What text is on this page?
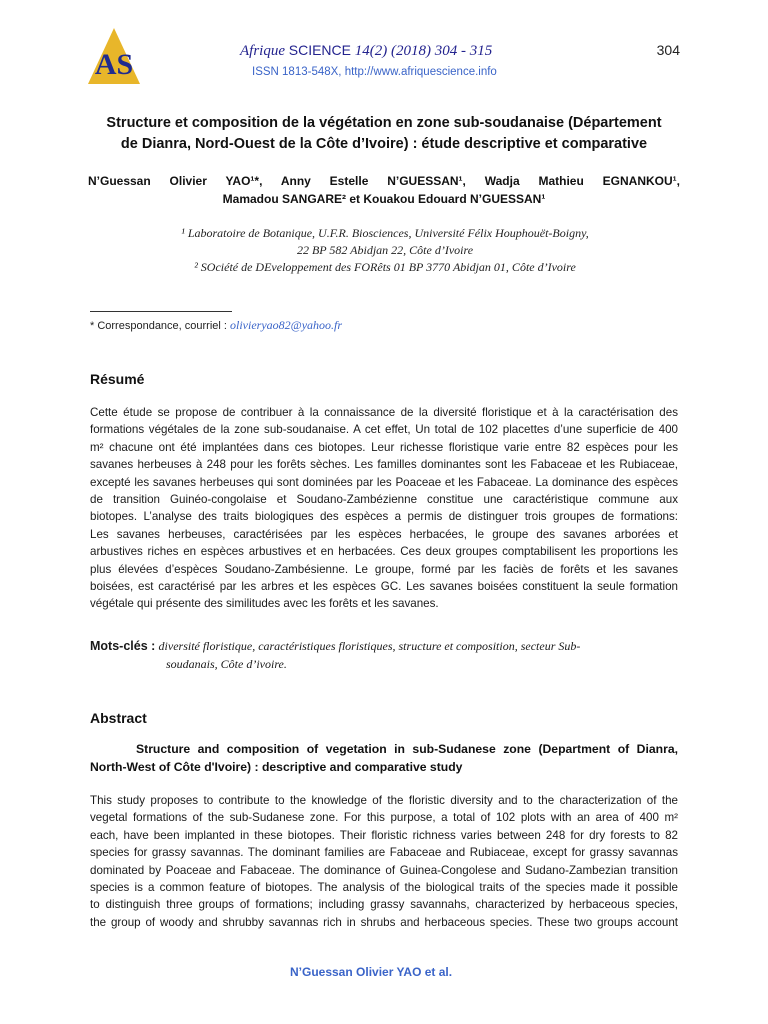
AS	Afrique SCIENCE 14(2) (2018) 304 - 315	304
ISSN 1813-548X, http://www.afriquescience.info
Structure et composition de la végétation en zone sub-soudanaise (Département
de Dianra, Nord-Ouest de la Côte d’Ivoire) : étude descriptive et comparative
N’Guessan Olivier YAO¹*, Anny Estelle N’GUESSAN¹, Wadja Mathieu EGNANKOU¹,
Mamadou SANGARE² et Kouakou Edouard N’GUESSAN¹
¹ Laboratoire de Botanique, U.F.R. Biosciences, Université Félix Houphouët-Boigny,
22 BP 582 Abidjan 22, Côte d’Ivoire
² SOciété de DEveloppement des FORêts 01 BP 3770 Abidjan 01, Côte d’Ivoire
* Correspondance, courriel : olivieryao82@yahoo.fr
Résumé
Cette étude se propose de contribuer à la connaissance de la diversité floristique et à la caractérisation des
formations végétales de la zone sub-soudanaise. A cet effet, Un total de 102 placettes d’une superficie de 400
m² chacune ont été implantées dans ces biotopes. Leur richesse floristique varie entre 82 espèces pour les
savanes herbeuses à 248 pour les forêts sèches. Les familles dominantes sont les Fabaceae et les Rubiaceae,
excepté les savanes herbeuses qui sont dominées par les Poaceae et les Fabaceae. La dominance des espèces
de transition Guinéo-congolaise et Soudano-Zambézienne constitue une caractéristique commune aux
biotopes. L’analyse des traits biologiques des espèces a permis de distinguer trois groupes de formations:
Les savanes herbeuses, caractérisées par les espèces herbacées, le groupe des savanes arborées et
arbustives riches en espèces arbustives et en herbacées. Ces deux groupes comptabilisent les proportions les
plus élevées d’espèces Soudano-Zambésienne. Le groupe, formé par les faciès de forêts et les savanes
boisées, est caractérisé par les arbres et les espèces GC. Les savanes boisées constituent la seule formation
végétale qui présente des similitudes avec les forêts et les savanes.
Mots-clés : diversité floristique, caractéristiques floristiques, structure et composition, secteur Sub-
soudanais, Côte d’ivoire.
Abstract
Structure and composition of vegetation in sub-Sudanese zone (Department of Dianra,
North-West of Côte d'Ivoire) : descriptive and comparative study
This study proposes to contribute to the knowledge of the floristic diversity and to the characterization of the
vegetal formations of the sub-Sudanese zone. For this purpose, a total of 102 plots with an area of 400 m²
each, have been implanted in these biotopes. Their floristic richness varies between 248 for dry forests to 82
species for grassy savannas. The dominant families are Fabaceae and Rubiaceae, except for grassy savannas
dominated by Poaceae and Fabaceae. The dominance of Guinea-Congolese and Sudano-Zambezian transition
species is a common feature of biotopes. The analysis of the biological traits of the species made it possible
to distinguish three groups of formations; including grassy savannahs, characterized by herbaceous species,
the group of woody and shrubby savannas rich in shrubs and herbaceous species. These two groups account
N’Guessan Olivier YAO et al.
